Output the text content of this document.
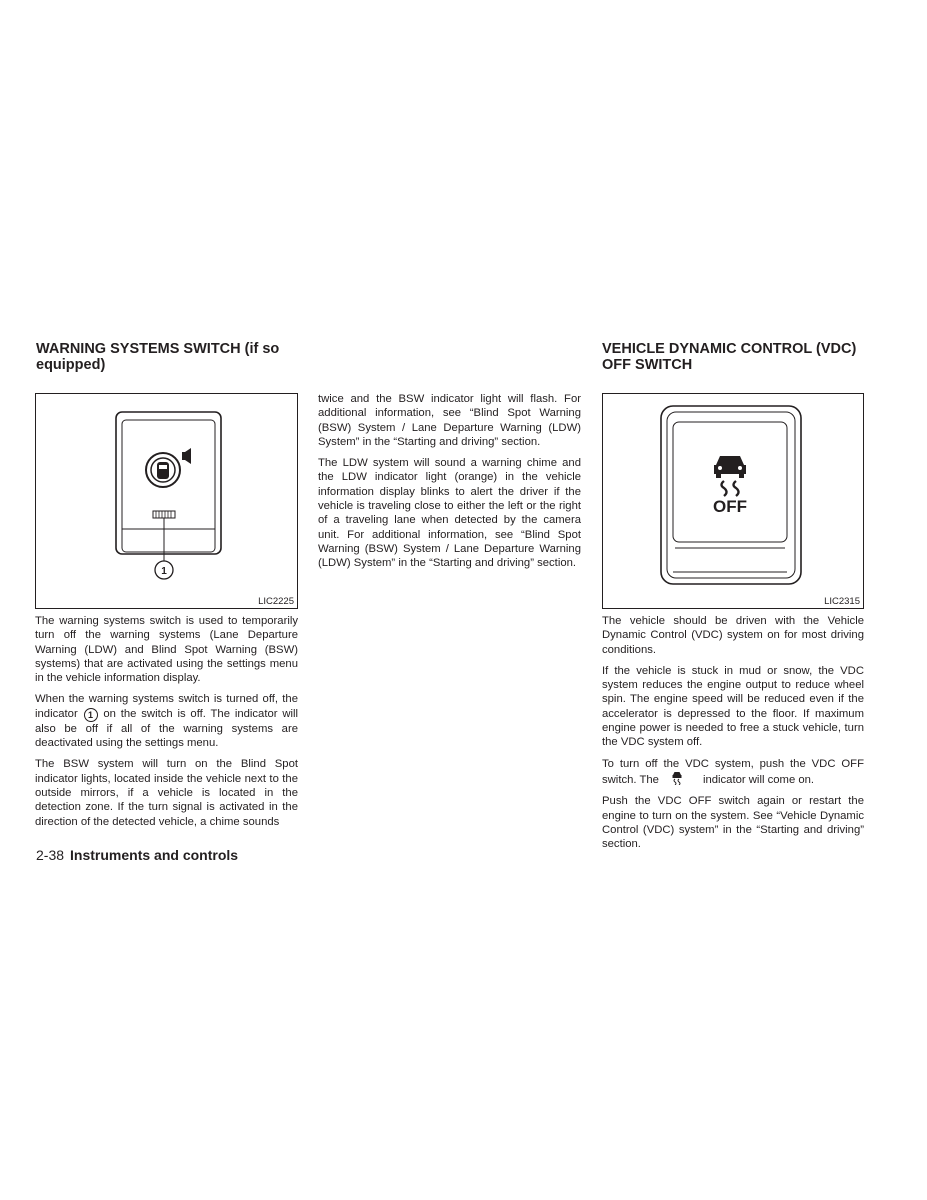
WARNING SYSTEMS SWITCH (if so equipped)
1
LIC2225

The warning systems switch is used to temporarily turn off the warning systems (Lane Departure Warning (LDW) and Blind Spot Warning (BSW) systems) that are activated using the settings menu in the vehicle information display.

When the warning systems switch is turned off, the indicator 1 on the switch is off. The indicator will also be off if all of the warning systems are deactivated using the settings menu.

The BSW system will turn on the Blind Spot indicator lights, located inside the vehicle next to the outside mirrors, if a vehicle is located in the detection zone. If the turn signal is activated in the direction of the detected vehicle, a chime sounds

twice and the BSW indicator light will flash. For additional information, see “Blind Spot Warning (BSW) System / Lane Departure Warning (LDW) System” in the “Starting and driving” section.

The LDW system will sound a warning chime and the LDW indicator light (orange) in the vehicle information display blinks to alert the driver if the vehicle is traveling close to either the left or the right of a traveling lane when detected by the camera unit. For additional information, see “Blind Spot Warning (BSW) System / Lane Departure Warning (LDW) System” in the “Starting and driving” section.

VEHICLE DYNAMIC CONTROL (VDC) OFF SWITCH
OFF
LIC2315

The vehicle should be driven with the Vehicle Dynamic Control (VDC) system on for most driving conditions.

If the vehicle is stuck in mud or snow, the VDC system reduces the engine output to reduce wheel spin. The engine speed will be reduced even if the accelerator is depressed to the floor. If maximum engine power is needed to free a stuck vehicle, turn the VDC system off.

To turn off the VDC system, push the VDC OFF switch. The	indicator will come on.

Push the VDC OFF switch again or restart the engine to turn on the system. See “Vehicle Dynamic Control (VDC) system” in the “Starting and driving” section.

2-38 Instruments and controls
